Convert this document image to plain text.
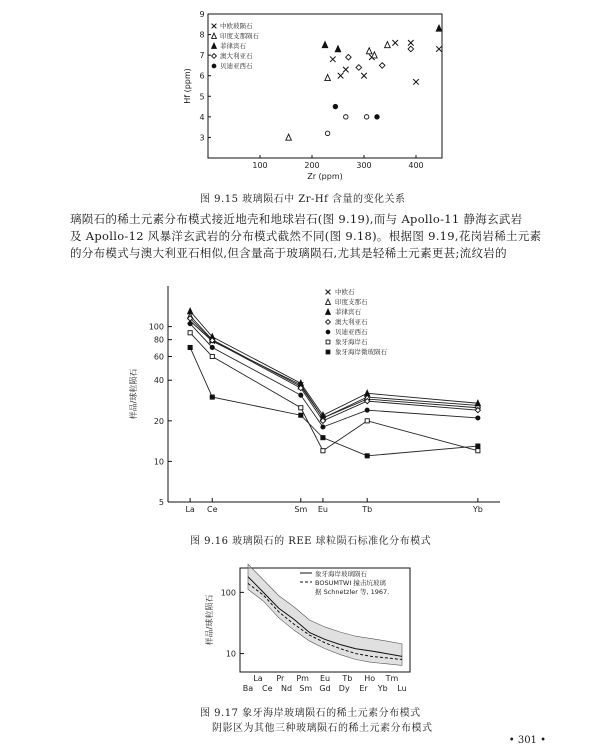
3
4
5
6
7
8
9
100	200	300	400
Zr (ppm)
Hf (ppm)
中欧玻陨石
印度支那陨石
菲律宾石
澳大利亚石
贝迪亚西石
图 9.15 玻璃陨石中 Zr-Hf 含量的变化关系

璃陨石的稀土元素分布模式接近地壳和地球岩石(图 9.19),而与 Apollo-11 静海玄武岩

及 Apollo-12 风暴洋玄武岩的分布模式截然不同(图 9.18)。根据图 9.19,花岗岩稀土元素

的分布模式与澳大利亚石相似,但含量高于玻璃陨石,尤其是轻稀土元素更甚;流纹岩的

5
10
20
40
60
80
100
La Ce	Sm Eu	Tb	Yb
样品/球粒陨石
中欧石
印度支那石
菲律宾石
澳大利亚石
贝迪亚西石
象牙海岸石
象牙海岸微玻陨石
图 9.16 玻璃陨石的 REE 球粒陨石标准化分布模式
10
100
Ba Ce Nd Sm Gd Dy Er Yb Lu
La Pr Pm Eu Tb Ho Tm
样品/球粒陨石
象牙海岸玻璃陨石
BOSUMTWI 撞击坑玻璃
据 Schnetzler 等, 1967.
图 9.17 象牙海岸玻璃陨石的稀土元素分布模式
阴影区为其他三种玻璃陨石的稀土元素分布模式
• 301 •
